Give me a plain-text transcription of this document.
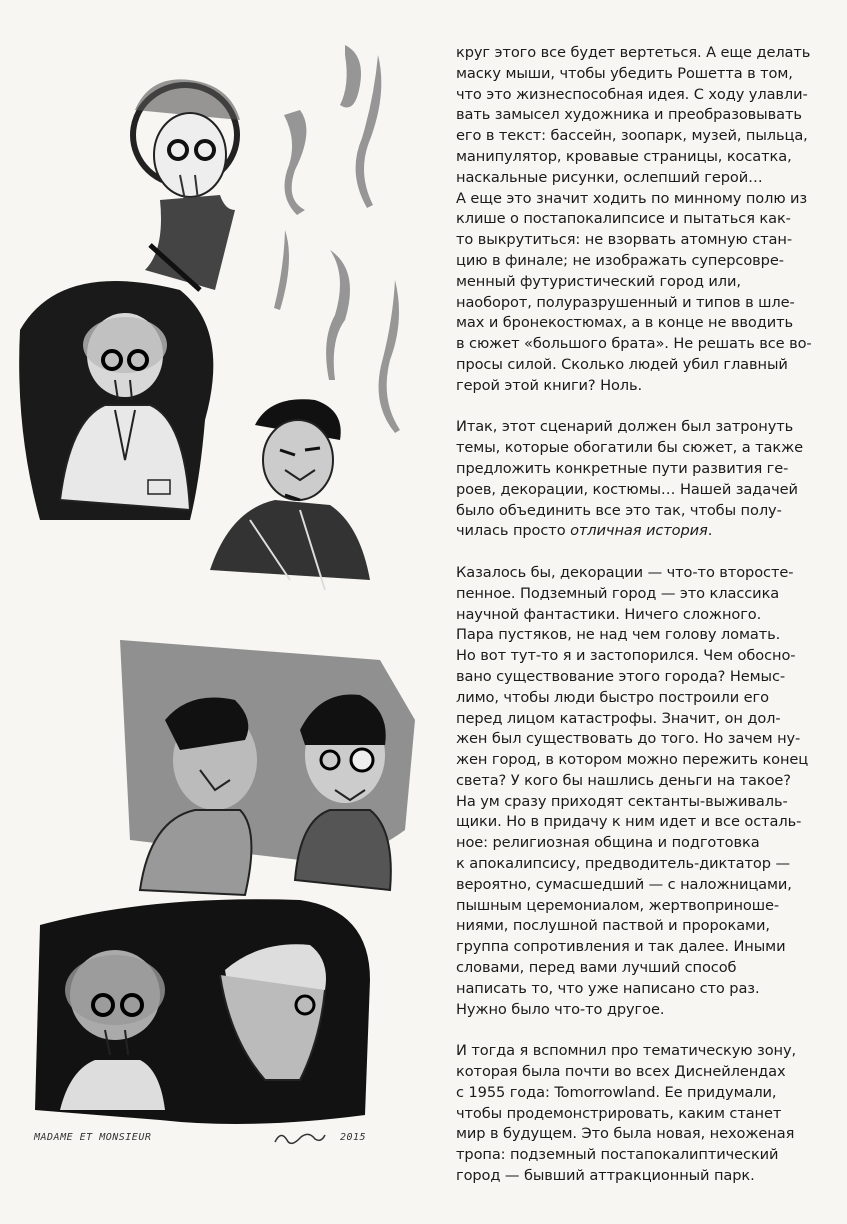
MADAME ET MONSIEUR	2015
круг этого все будет вертеться. А еще делать
маску мыши, чтобы убедить Рошетта в том,
что это жизнеспособная идея. С ходу улавли-
вать замысел художника и преобразовывать
его в текст: бассейн, зоопарк, музей, пыльца,
манипулятор, кровавые страницы, косатка,
наскальные рисунки, ослепший герой…
А еще это значит ходить по минному полю из
клише о постапокалипсисе и пытаться как-
то выкрутиться: не взорвать атомную стан-
цию в финале; не изображать суперсовре-
менный футуристический город или,
наоборот, полуразрушенный и типов в шле-
мах и бронекостюмах, а в конце не вводить
в сюжет «большого брата». Не решать все во-
просы силой. Сколько людей убил главный
герой этой книги? Ноль.
Итак, этот сценарий должен был затронуть
темы, которые обогатили бы сюжет, а также
предложить конкретные пути развития ге-
роев, декорации, костюмы… Нашей задачей
было объединить все это так, чтобы полу-
чилась просто отличная история.
Казалось бы, декорации — что-то второсте-
пенное. Подземный город — это классика
научной фантастики. Ничего сложного.
Пара пустяков, не над чем голову ломать.
Но вот тут-то я и застопорился. Чем обосно-
вано существование этого города? Немыс-
лимо, чтобы люди быстро построили его
перед лицом катастрофы. Значит, он дол-
жен был существовать до того. Но зачем ну-
жен город, в котором можно пережить конец
света? У кого бы нашлись деньги на такое?
На ум сразу приходят сектанты-выживаль-
щики. Но в придачу к ним идет и все осталь-
ное: религиозная община и подготовка
к апокалипсису, предводитель-диктатор —
вероятно, сумасшедший — с наложницами,
пышным церемониалом, жертвоприноше-
ниями, послушной паствой и пророками,
группа сопротивления и так далее. Иными
словами, перед вами лучший способ
написать то, что уже написано сто раз.
Нужно было что-то другое.
И тогда я вспомнил про тематическую зону,
которая была почти во всех Диснейлендах
с 1955 года: Tomorrowland. Ее придумали,
чтобы продемонстрировать, каким станет
мир в будущем. Это была новая, нехоженая
тропа: подземный постапокалиптический
город — бывший аттракционный парк.
